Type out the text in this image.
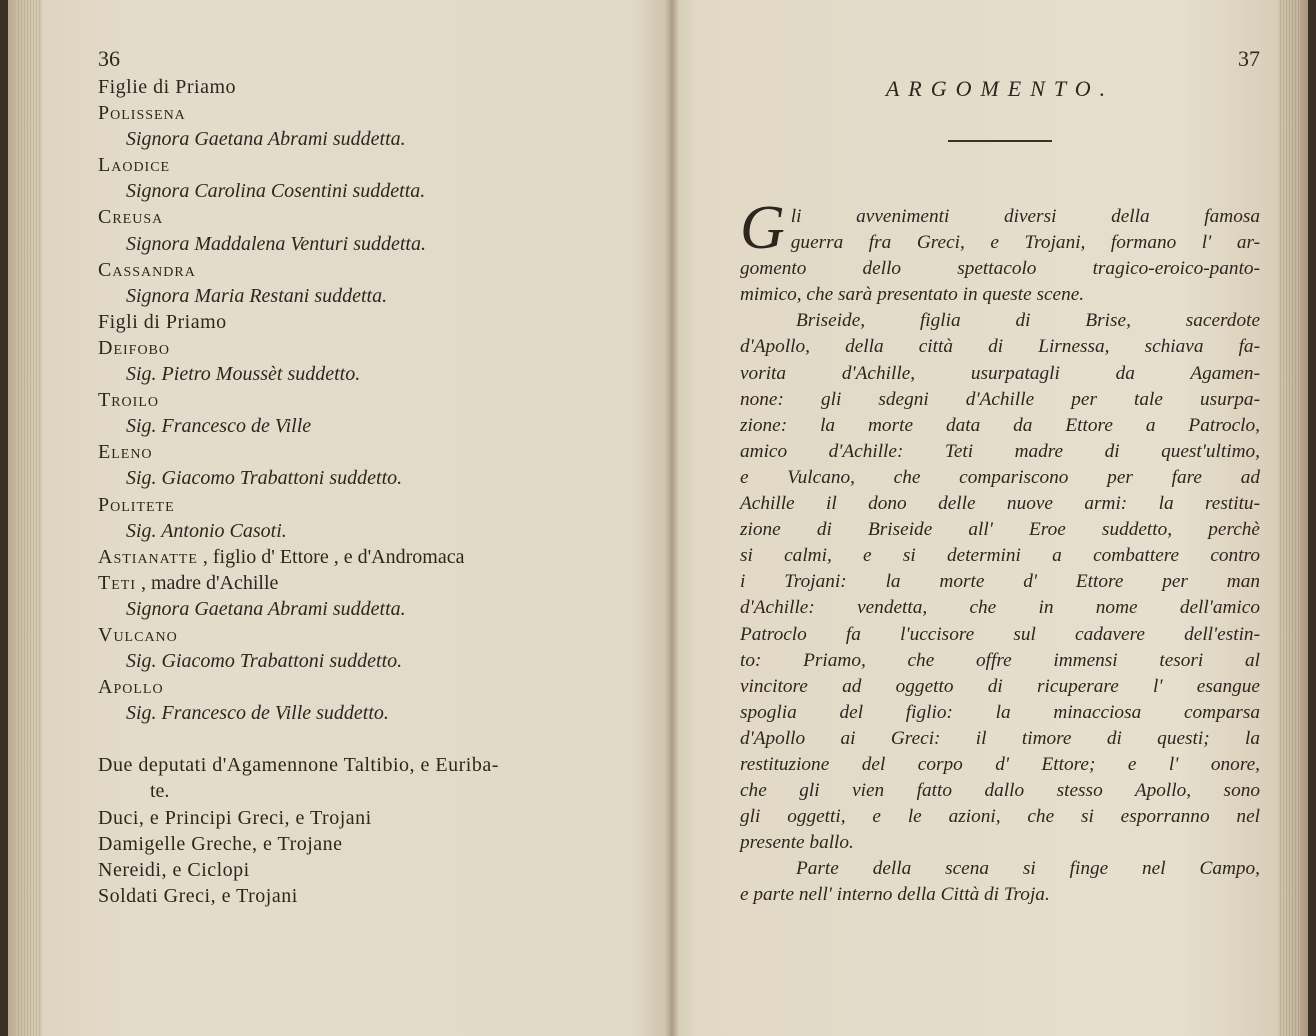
36
Figlie di Priamo
Polissena
Signora Gaetana Abrami suddetta.
Laodice
Signora Carolina Cosentini suddetta.
Creusa
Signora Maddalena Venturi suddetta.
Cassandra
Signora Maria Restani suddetta.
Figli di Priamo
Deifobo
Sig. Pietro Moussèt suddetto.
Troilo
Sig. Francesco de Ville
Eleno
Sig. Giacomo Trabattoni suddetto.
Politete
Sig. Antonio Casoti.
Astianatte , figlio d' Ettore , e d'Andromaca
Teti , madre d'Achille
Signora Gaetana Abrami suddetta.
Vulcano
Sig. Giacomo Trabattoni suddetto.
Apollo
Sig. Francesco de Ville suddetto.
Due deputati d'Agamennone Taltibio, e Euriba-
te.
Duci, e Principi Greci, e Trojani
Damigelle Greche, e Trojane
Nereidi, e Ciclopi
Soldati Greci, e Trojani
37
ARGOMENTO.
G li avvenimenti diversi della famosa
guerra fra Greci, e Trojani, formano l' ar-
gomento dello spettacolo tragico-eroico-panto-
mimico, che sarà presentato in queste scene.
Briseide, figlia di Brise, sacerdote
d'Apollo, della città di Lirnessa, schiava fa-
vorita d'Achille, usurpatagli da Agamen-
none: gli sdegni d'Achille per tale usurpa-
zione: la morte data da Ettore a Patroclo,
amico d'Achille: Teti madre di quest'ultimo,
e Vulcano, che compariscono per fare ad
Achille il dono delle nuove armi: la restitu-
zione di Briseide all' Eroe suddetto, perchè
si calmi, e si determini a combattere contro
i Trojani: la morte d' Ettore per man
d'Achille: vendetta, che in nome dell'amico
Patroclo fa l'uccisore sul cadavere dell'estin-
to: Priamo, che offre immensi tesori al
vincitore ad oggetto di ricuperare l' esangue
spoglia del figlio: la minacciosa comparsa
d'Apollo ai Greci: il timore di questi; la
restituzione del corpo d' Ettore; e l' onore,
che gli vien fatto dallo stesso Apollo, sono
gli oggetti, e le azioni, che si esporranno nel
presente ballo.
Parte della scena si finge nel Campo,
e parte nell' interno della Città di Troja.
